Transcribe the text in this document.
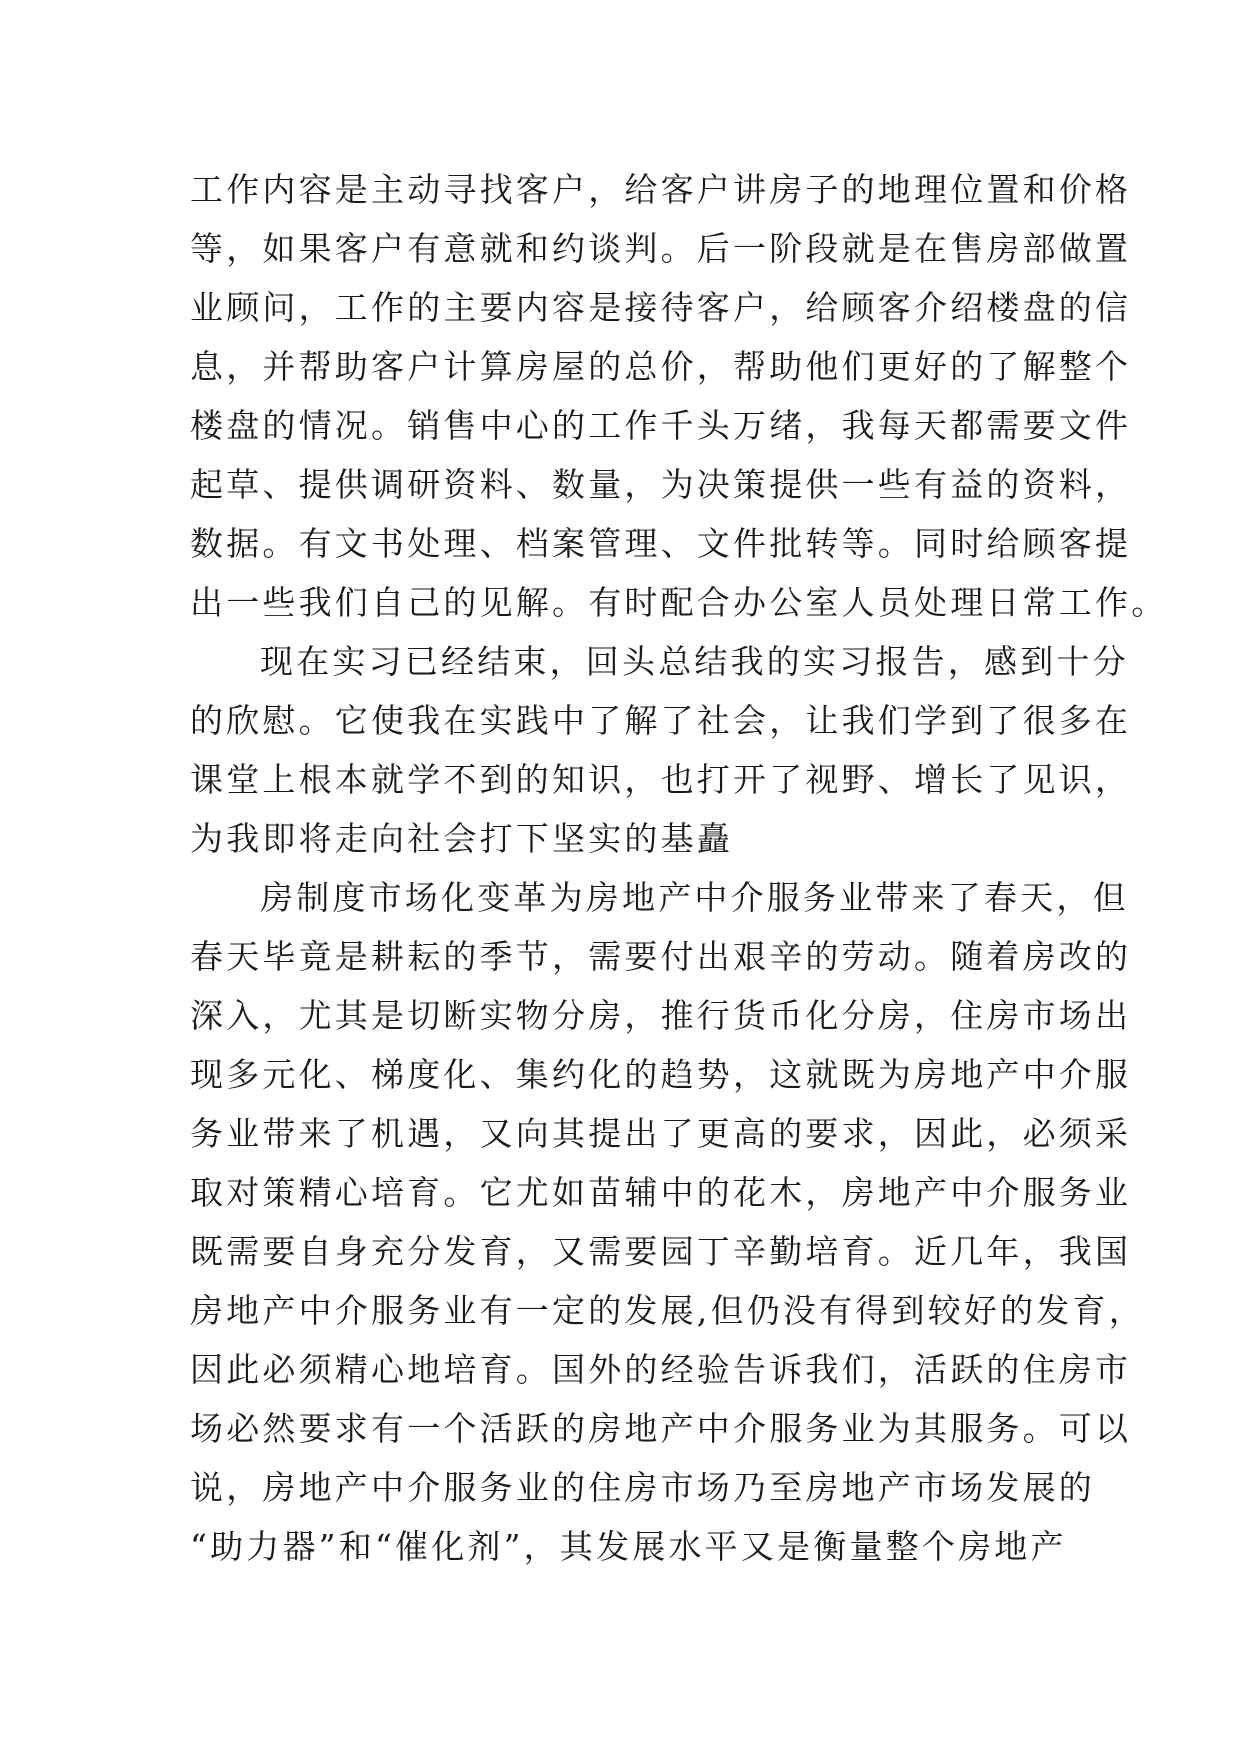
工作内容是主动寻找客户，给客户讲房子的地理位置和价格
等，如果客户有意就和约谈判。后一阶段就是在售房部做置
业顾问，工作的主要内容是接待客户，给顾客介绍楼盘的信
息，并帮助客户计算房屋的总价，帮助他们更好的了解整个
楼盘的情况。销售中心的工作千头万绪，我每天都需要文件
起草、提供调研资料、数量，为决策提供一些有益的资料，
数据。有文书处理、档案管理、文件批转等。同时给顾客提
出一些我们自己的见解。有时配合办公室人员处理日常工作。
现在实习已经结束，回头总结我的实习报告，感到十分
的欣慰。它使我在实践中了解了社会，让我们学到了很多在
课堂上根本就学不到的知识，也打开了视野、增长了见识，
为我即将走向社会打下坚实的基矗
房制度市场化变革为房地产中介服务业带来了春天，但
春天毕竟是耕耘的季节，需要付出艰辛的劳动。随着房改的
深入，尤其是切断实物分房，推行货币化分房，住房市场出
现多元化、梯度化、集约化的趋势，这就既为房地产中介服
务业带来了机遇，又向其提出了更高的要求，因此，必须采
取对策精心培育。它尤如苗辅中的花木，房地产中介服务业
既需要自身充分发育，又需要园丁辛勤培育。近几年，我国
房地产中介服务业有一定的发展,但仍没有得到较好的发育，
因此必须精心地培育。国外的经验告诉我们，活跃的住房市
场必然要求有一个活跃的房地产中介服务业为其服务。可以
说，房地产中介服务业的住房市场乃至房地产市场发展的
“助力器”和“催化剂”，其发展水平又是衡量整个房地产
